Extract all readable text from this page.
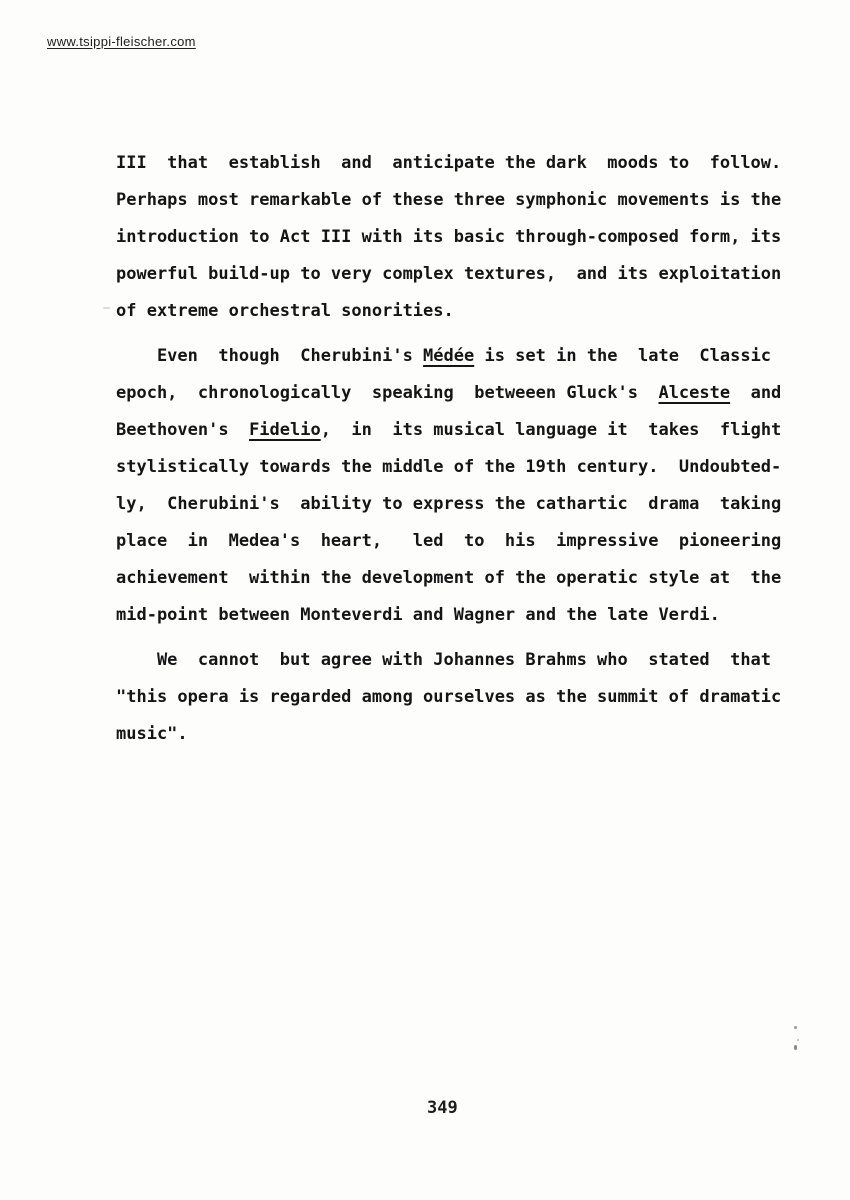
www.tsippi-fleischer.com
III  that  establish  and  anticipate the dark  moods to  follow.
Perhaps most remarkable of these three symphonic movements is the
introduction to Act III with its basic through-composed form, its
powerful build-up to very complex textures,  and its exploitation
of extreme orchestral sonorities.
Even  though  Cherubini's Médée is set in the  late  Classic
epoch,  chronologically  speaking  betweeen Gluck's  Alceste  and
Beethoven's  Fidelio,  in  its musical language it  takes  flight
stylistically towards the middle of the 19th century.  Undoubted-
ly,  Cherubini's  ability to express the cathartic  drama  taking
place  in  Medea's  heart,   led  to  his  impressive  pioneering
achievement  within the development of the operatic style at  the
mid-point between Monteverdi and Wagner and the late Verdi.
We  cannot  but agree with Johannes Brahms who  stated  that
"this opera is regarded among ourselves as the summit of dramatic
music".
349
